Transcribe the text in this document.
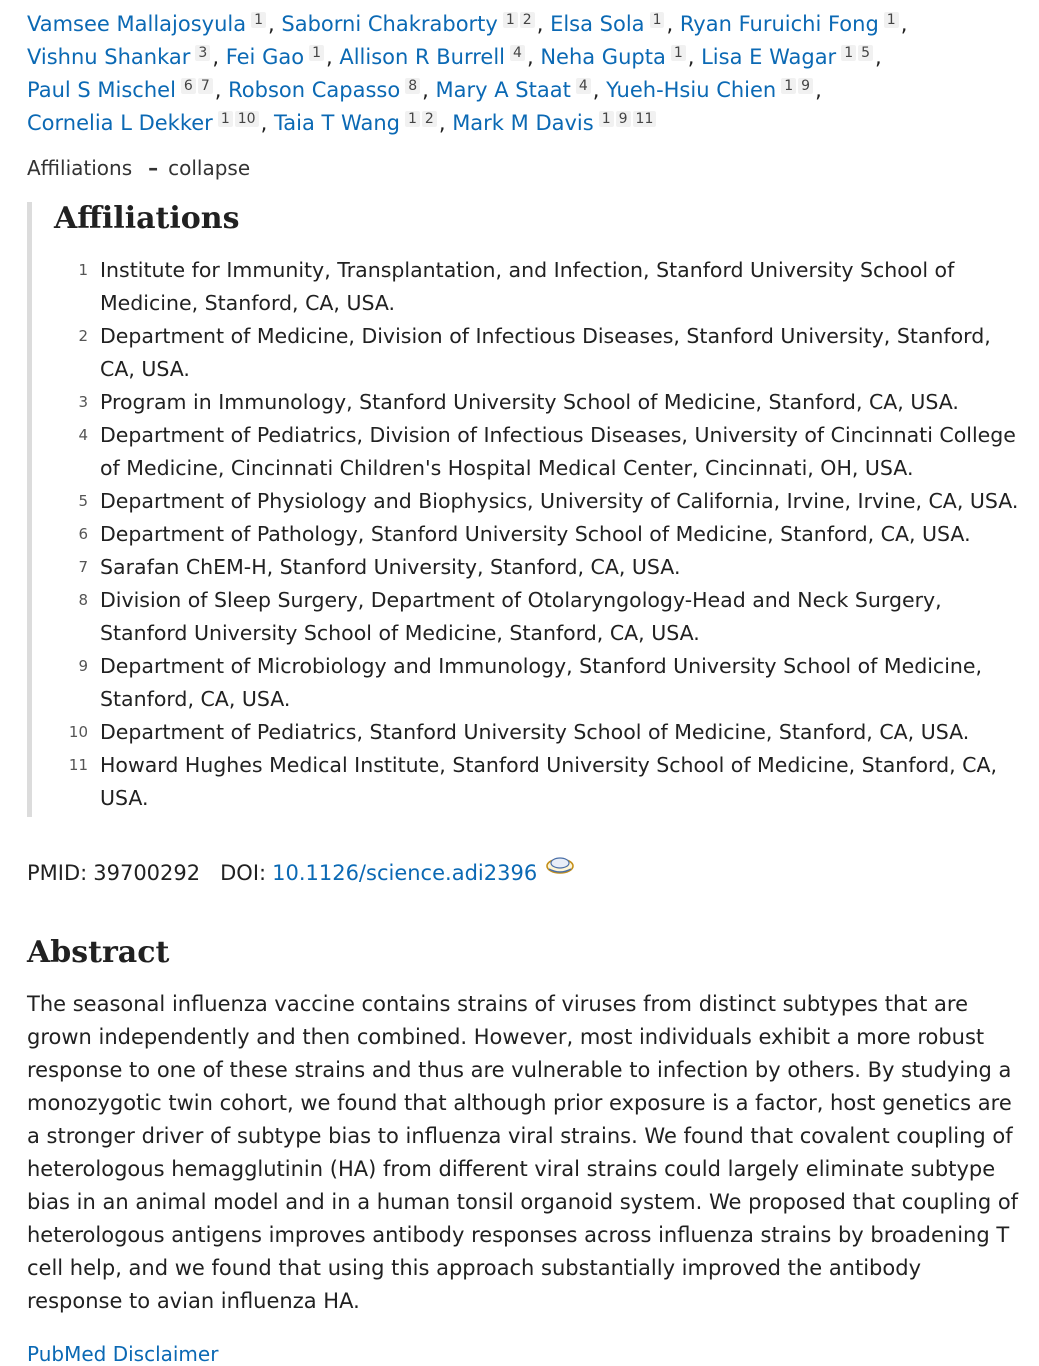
Vamsee Mallajosyula 1 , Saborni Chakraborty 1 2 , Elsa Sola 1 , Ryan Furuichi Fong 1 , Vishnu Shankar 3 , Fei Gao 1 , Allison R Burrell 4 , Neha Gupta 1 , Lisa E Wagar 1 5 , Paul S Mischel 6 7 , Robson Capasso 8 , Mary A Staat 4 , Yueh-Hsiu Chien 1 9 , Cornelia L Dekker 1 10 , Taia T Wang 1 2 , Mark M Davis 1 9 11
Affiliations – collapse
Affiliations
1 Institute for Immunity, Transplantation, and Infection, Stanford University School of Medicine, Stanford, CA, USA.
2 Department of Medicine, Division of Infectious Diseases, Stanford University, Stanford, CA, USA.
3 Program in Immunology, Stanford University School of Medicine, Stanford, CA, USA.
4 Department of Pediatrics, Division of Infectious Diseases, University of Cincinnati College of Medicine, Cincinnati Children's Hospital Medical Center, Cincinnati, OH, USA.
5 Department of Physiology and Biophysics, University of California, Irvine, Irvine, CA, USA.
6 Department of Pathology, Stanford University School of Medicine, Stanford, CA, USA.
7 Sarafan ChEM-H, Stanford University, Stanford, CA, USA.
8 Division of Sleep Surgery, Department of Otolaryngology-Head and Neck Surgery, Stanford University School of Medicine, Stanford, CA, USA.
9 Department of Microbiology and Immunology, Stanford University School of Medicine, Stanford, CA, USA.
10 Department of Pediatrics, Stanford University School of Medicine, Stanford, CA, USA.
11 Howard Hughes Medical Institute, Stanford University School of Medicine, Stanford, CA, USA.
PMID: 39700292 DOI: 10.1126/science.adi2396
Abstract

The seasonal influenza vaccine contains strains of viruses from distinct subtypes that are grown independently and then combined. However, most individuals exhibit a more robust response to one of these strains and thus are vulnerable to infection by others. By studying a monozygotic twin cohort, we found that although prior exposure is a factor, host genetics are a stronger driver of subtype bias to influenza viral strains. We found that covalent coupling of heterologous hemagglutinin (HA) from different viral strains could largely eliminate subtype bias in an animal model and in a human tonsil organoid system. We proposed that coupling of heterologous antigens improves antibody responses across influenza strains by broadening T cell help, and we found that using this approach substantially improved the antibody response to avian influenza HA.

PubMed Disclaimer
